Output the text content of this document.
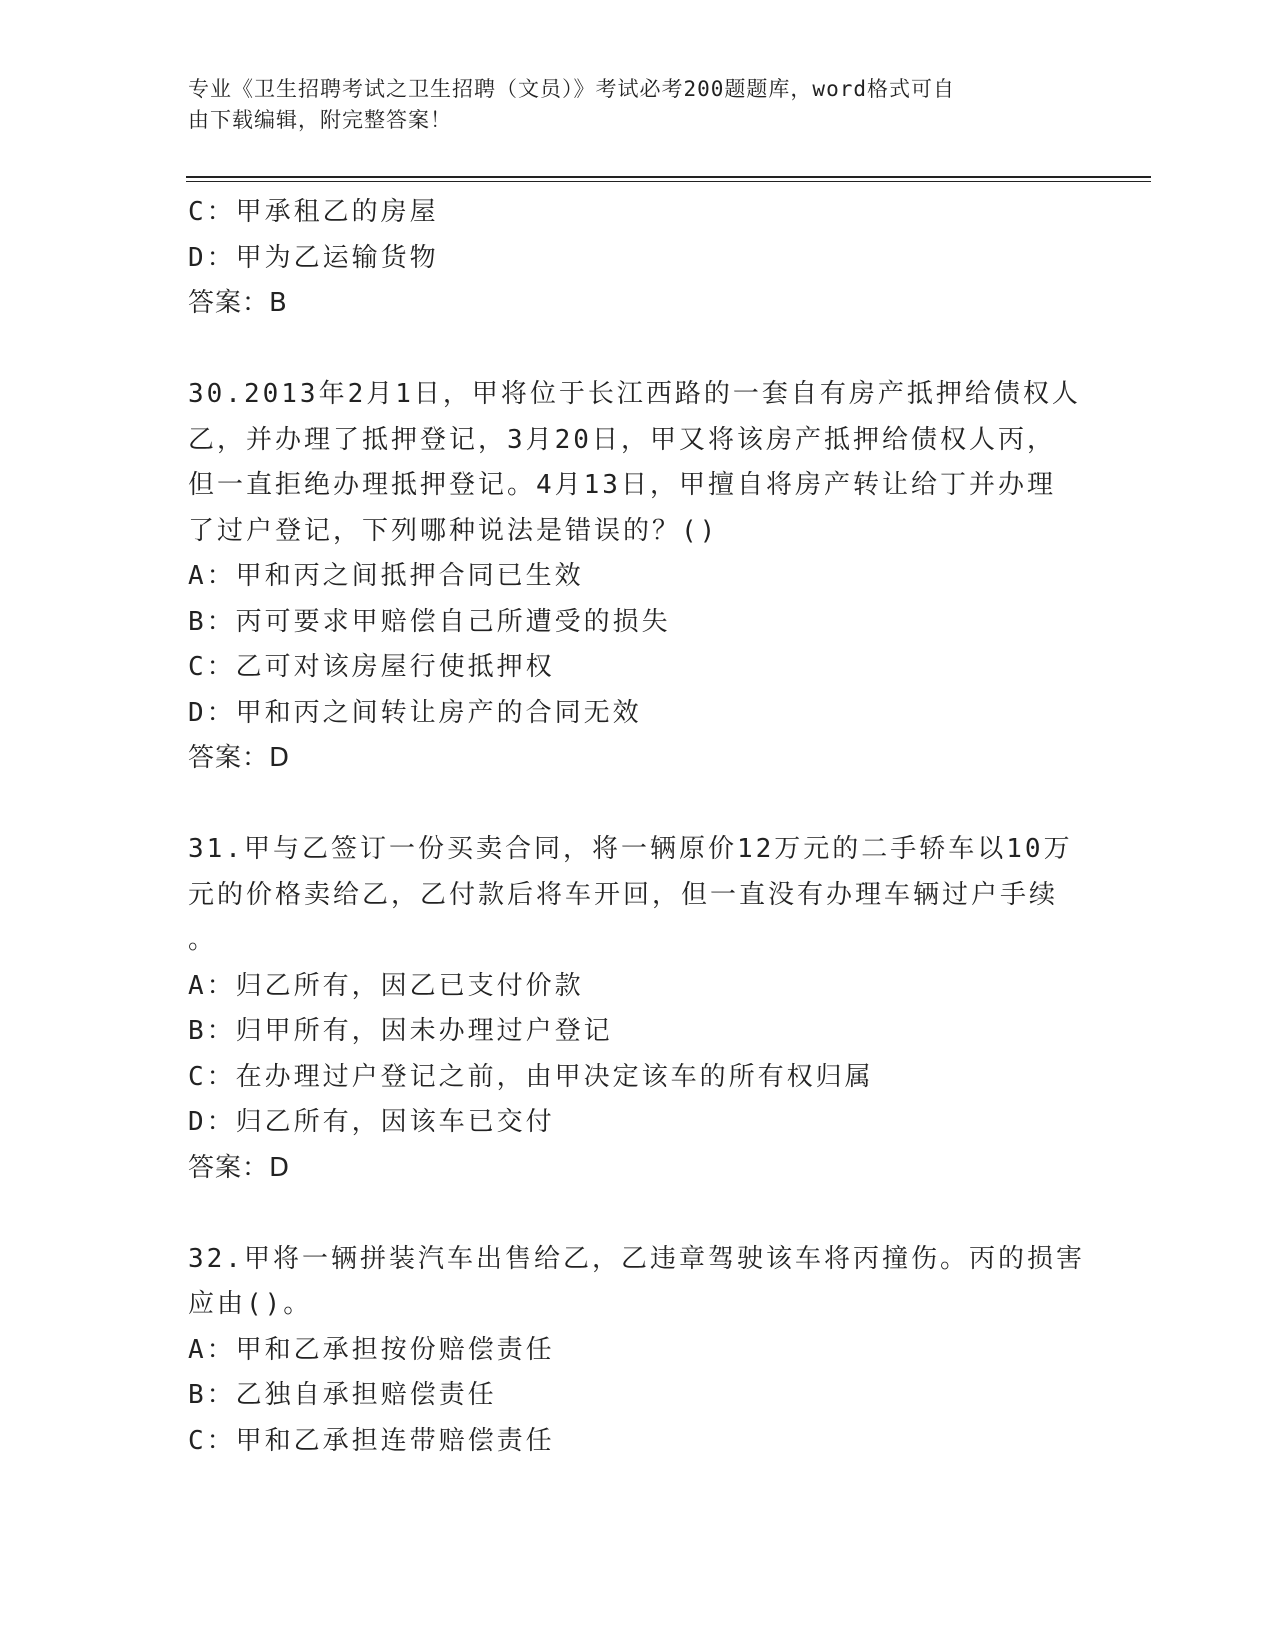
专业《卫生招聘考试之卫生招聘（文员）》考试必考200题题库，word格式可自
由下载编辑，附完整答案！
C：甲承租乙的房屋
D：甲为乙运输货物
答案：B
30.2013年2月1日，甲将位于长江西路的一套自有房产抵押给债权人
乙，并办理了抵押登记，3月20日，甲又将该房产抵押给债权人丙，
但一直拒绝办理抵押登记。4月13日，甲擅自将房产转让给丁并办理
了过户登记，下列哪种说法是错误的？()
A：甲和丙之间抵押合同已生效
B：丙可要求甲赔偿自己所遭受的损失
C：乙可对该房屋行使抵押权
D：甲和丙之间转让房产的合同无效
答案：D
31.甲与乙签订一份买卖合同，将一辆原价12万元的二手轿车以10万
元的价格卖给乙，乙付款后将车开回，但一直没有办理车辆过户手续
。
A：归乙所有，因乙已支付价款
B：归甲所有，因未办理过户登记
C：在办理过户登记之前，由甲决定该车的所有权归属
D：归乙所有，因该车已交付
答案：D
32.甲将一辆拼装汽车出售给乙，乙违章驾驶该车将丙撞伤。丙的损害
应由()。
A：甲和乙承担按份赔偿责任
B：乙独自承担赔偿责任
C：甲和乙承担连带赔偿责任
